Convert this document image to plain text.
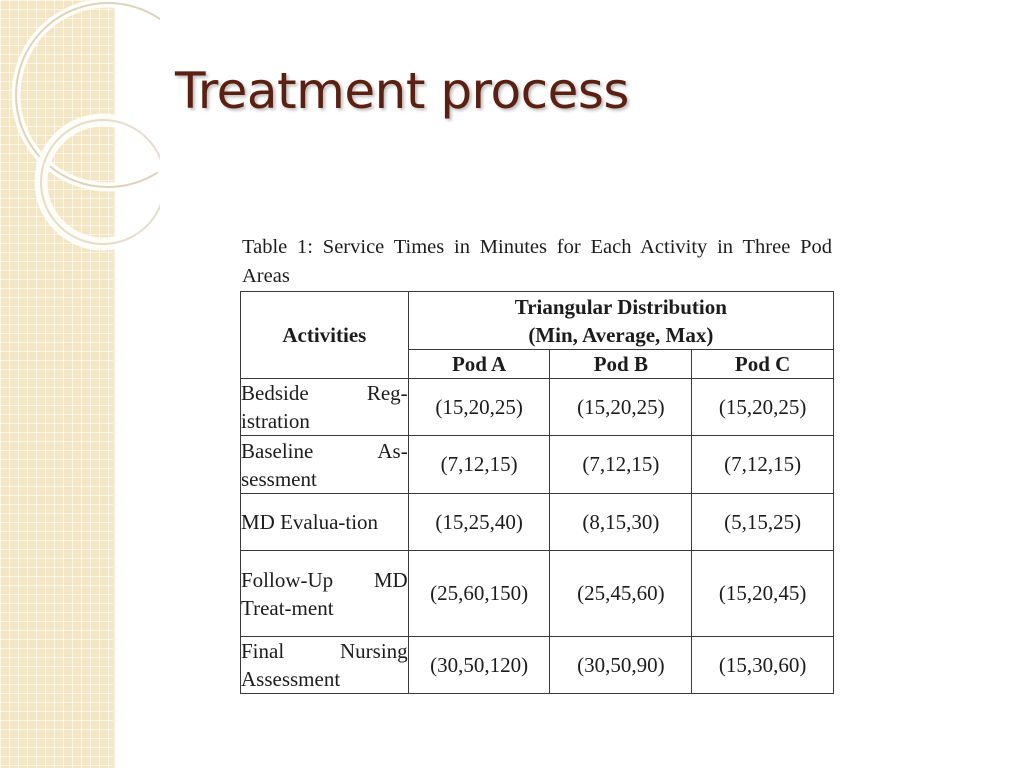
Treatment process
Table 1: Service Times in Minutes for Each Activity in Three Pod Areas
Activities	Triangular Distribution
(Min, Average, Max)		
	Pod A	Pod B	Pod C
Bedside Reg-istration	(15,20,25)	(15,20,25)	(15,20,25)
Baseline As-sessment	(7,12,15)	(7,12,15)	(7,12,15)
MD Evalua-tion	(15,25,40)	(8,15,30)	(5,15,25)
Follow-Up MD Treat-ment	(25,60,150)	(25,45,60)	(15,20,45)
Final Nursing Assessment	(30,50,120)	(30,50,90)	(15,30,60)
